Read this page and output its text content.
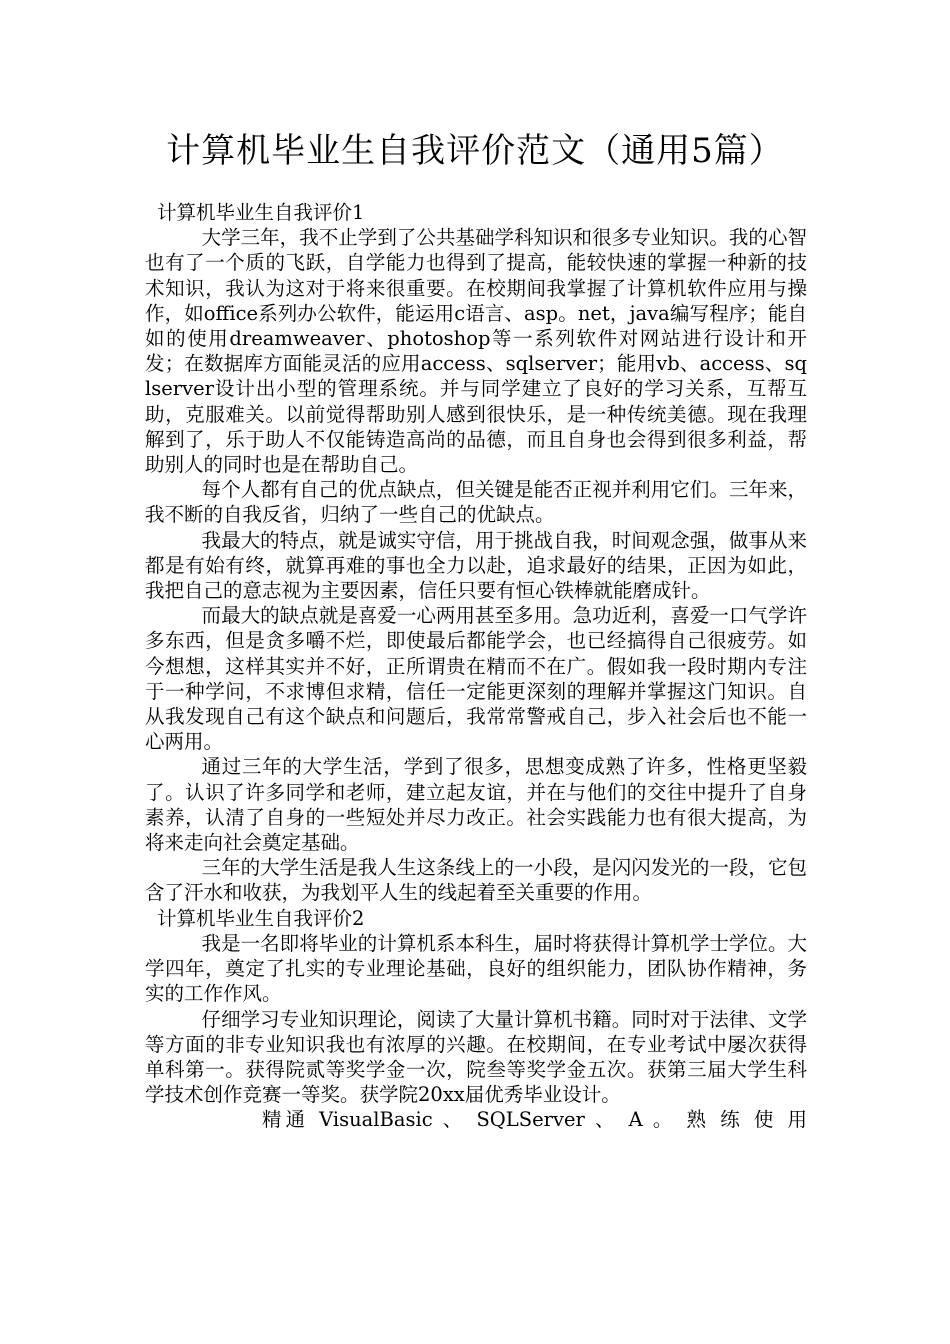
计算机毕业生自我评价范文（通用5篇）
计算机毕业生自我评价1

大学三年，我不止学到了公共基础学科知识和很多专业知识。我的心智也有了一个质的飞跃，自学能力也得到了提高，能较快速的掌握一种新的技术知识，我认为这对于将来很重要。在校期间我掌握了计算机软件应用与操作，如office系列办公软件，能运用c语言、asp。net，java编写程序；能自如的使用dreamweaver、photoshop等一系列软件对网站进行设计和开发；在数据库方面能灵活的应用access、sqlserver；能用vb、access、sqlserver设计出小型的管理系统。并与同学建立了良好的学习关系，互帮互助，克服难关。以前觉得帮助别人感到很快乐，是一种传统美德。现在我理解到了，乐于助人不仅能铸造高尚的品德，而且自身也会得到很多利益，帮助别人的同时也是在帮助自己。

每个人都有自己的优点缺点，但关键是能否正视并利用它们。三年来，我不断的自我反省，归纳了一些自己的优缺点。

我最大的特点，就是诚实守信，用于挑战自我，时间观念强，做事从来都是有始有终，就算再难的事也全力以赴，追求最好的结果，正因为如此，我把自己的意志视为主要因素，信任只要有恒心铁棒就能磨成针。

而最大的缺点就是喜爱一心两用甚至多用。急功近利，喜爱一口气学许多东西，但是贪多嚼不烂，即使最后都能学会，也已经搞得自己很疲劳。如今想想，这样其实并不好，正所谓贵在精而不在广。假如我一段时期内专注于一种学问，不求博但求精，信任一定能更深刻的理解并掌握这门知识。自从我发现自己有这个缺点和问题后，我常常警戒自己，步入社会后也不能一心两用。

通过三年的大学生活，学到了很多，思想变成熟了许多，性格更坚毅了。认识了许多同学和老师，建立起友谊，并在与他们的交往中提升了自身素养，认清了自身的一些短处并尽力改正。社会实践能力也有很大提高，为将来走向社会奠定基础。

三年的大学生活是我人生这条线上的一小段，是闪闪发光的一段，它包含了汗水和收获，为我划平人生的线起着至关重要的作用。

计算机毕业生自我评价2

我是一名即将毕业的计算机系本科生，届时将获得计算机学士学位。大学四年，奠定了扎实的专业理论基础，良好的组织能力，团队协作精神，务实的工作作风。

仔细学习专业知识理论，阅读了大量计算机书籍。同时对于法律、文学等方面的非专业知识我也有浓厚的兴趣。在校期间，在专业考试中屡次获得单科第一。获得院贰等奖学金一次，院叁等奖学金五次。获第三届大学生科学技术创作竞赛一等奖。获学院20xx届优秀毕业设计。

精通 VisualBasic 、 SQLServer 、 A 。 熟 练 使 用
